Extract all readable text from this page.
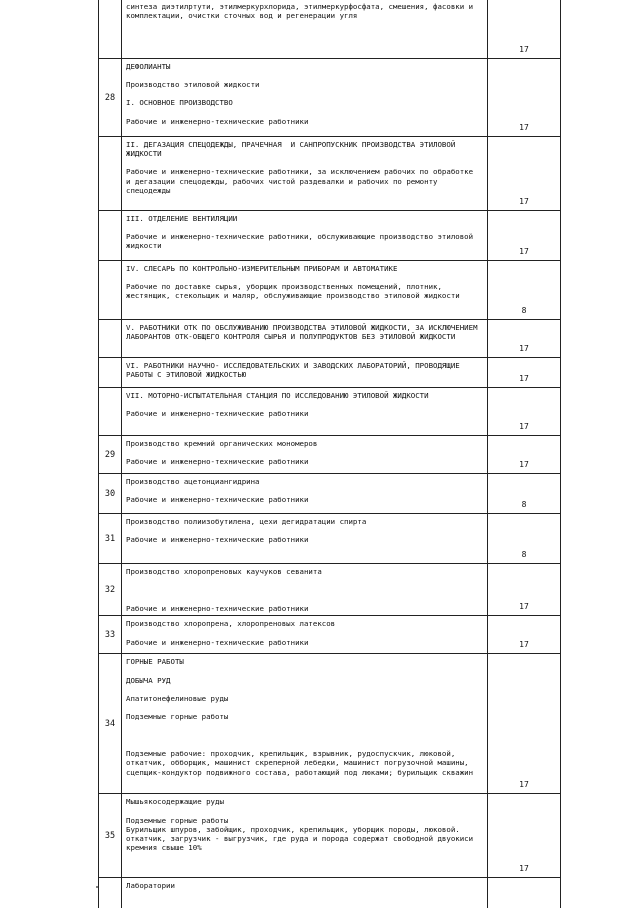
	синтеза диэтилртути, этилмеркурхлорида, этилмеркурфосфата, смешения, фасовки и комплектации, очистки сточных вод и регенерации угля	17
28	ДЕФОЛИАНТЫ

Производство этиловой жидкости

I. ОСНОВНОЕ ПРОИЗВОДСТВО

Рабочие и инженерно-технические работники	17

	II. ДЕГАЗАЦИЯ СПЕЦОДЕЖДЫ, ПРАЧЕЧНАЯ  И САНПРОПУСКНИК ПРОИЗВОДСТВА ЭТИЛОВОЙ ЖИДКОСТИ

Рабочие и инженерно-технические работники, за исключением рабочих по обработке и дегазации спецодежды, рабочих чистой раздевалки и рабочих по ремонту спецодежды	17

	III. ОТДЕЛЕНИЕ ВЕНТИЛЯЦИИ

Рабочие и инженерно-технические работники, обслуживающие производство этиловой жидкости	17

	IV. СЛЕСАРЬ ПО КОНТРОЛЬНО-ИЗМЕРИТЕЛЬНЫМ ПРИБОРАМ И АВТОМАТИКЕ

Рабочие по доставке сырья, уборщик производственных помещений, плотник, жестянщик, стекольщик и маляр, обслуживающие производство этиловой жидкости	8

	V. РАБОТНИКИ ОТК ПО ОБСЛУЖИВАНИЮ ПРОИЗВОДСТВА ЭТИЛОВОЙ ЖИДКОСТИ, ЗА ИСКЛЮЧЕНИЕМ ЛАБОРАНТОВ ОТК-ОБЩЕГО КОНТРОЛЯ СЫРЬЯ И ПОЛУПРОДУКТОВ БЕЗ ЭТИЛОВОЙ ЖИДКОСТИ	17

	VI. РАБОТНИКИ НАУЧНО- ИССЛЕДОВАТЕЛЬСКИХ И ЗАВОДСКИХ ЛАБОРАТОРИЙ, ПРОВОДЯЩИЕ РАБОТЫ С ЭТИЛОВОЙ ЖИДКОСТЬЮ	17

	VII. МОТОРНО-ИСПЫТАТЕЛЬНАЯ СТАНЦИЯ ПО ИССЛЕДОВАНИЮ ЭТИЛОВОЙ ЖИДКОСТИ

Рабочие и инженерно-технические работники	17
29	Производство кремний органических мономеров

Рабочие и инженерно-технические работники	17
30	Производство ацетонциангидрина

Рабочие и инженерно-технические работники	8
31	Производство полиизобутилена, цехи дегидратации спирта

Рабочие и инженерно-технические работники	8
32	Производство хлоропреновых каучуков севанита

Рабочие и инженерно-технические работники	17
33	Производство хлоропрена, хлоропреновых латексов

Рабочие и инженерно-технические работники	17
34	ГОРНЫЕ РАБОТЫ

ДОБЫЧА РУД

Апатитонефелиновые руды

Подземные горные работы

Подземные рабочие: проходчик, крепильщик, взрывник, рудоспускчик, люковой, откатчик, обборщик, машинист скреперной лебедки, машинист погрузочной машины, сцепщик-кондуктор подвижного состава, работающий под люками; бурильщик скважин	17
35	Мышьякосодержащие руды

Подземные горные работы
Бурильщик шпуров, забойщик, проходчик, крепильщик, уборщик породы, люковой.
откатчик, загрузчик - выгрузчик, где руда и порода содержат свободной двуокиси кремния свыше 10%	17

	Лаборатории	
